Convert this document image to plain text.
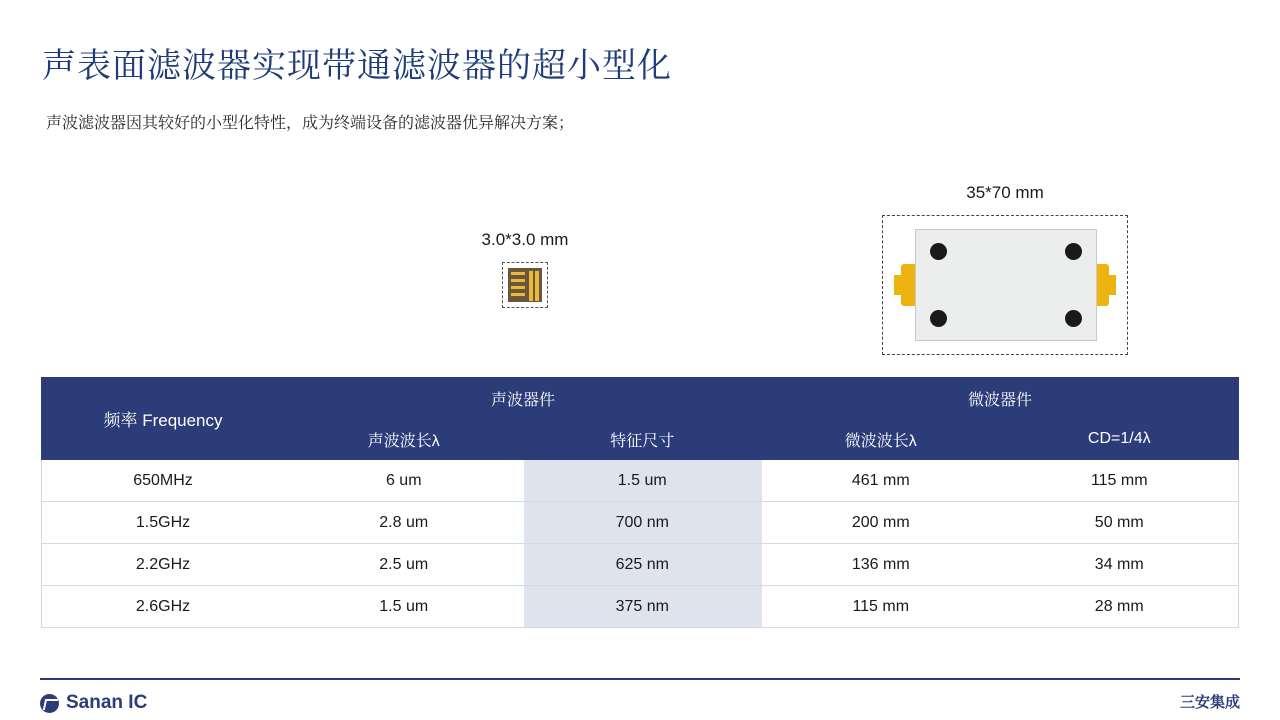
声表面滤波器实现带通滤波器的超小型化
声波滤波器因其较好的小型化特性，成为终端设备的滤波器优异解决方案；
3.0*3.0 mm
35*70 mm
频率 Frequency	声波器件		微波器件	
	声波波长λ	特征尺寸	微波波长λ	CD=1/4λ
650MHz	6 um	1.5 um	461 mm	115 mm
1.5GHz	2.8 um	700 nm	200 mm	50 mm
2.2GHz	2.5 um	625 nm	136 mm	34 mm
2.6GHz	1.5 um	375 nm	115 mm	28 mm
Sanan IC	三安集成
